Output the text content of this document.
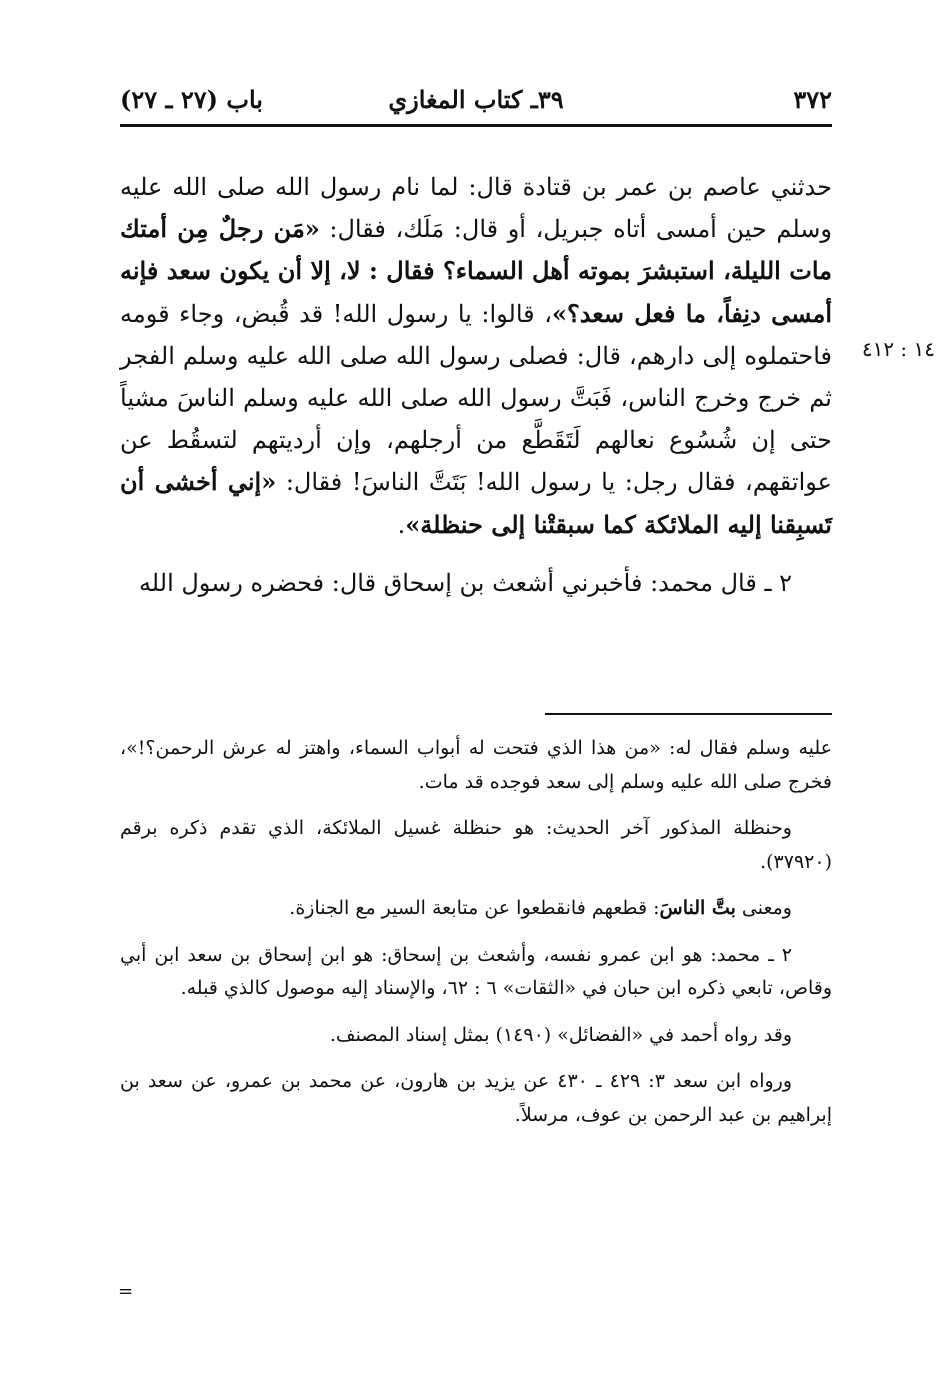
٣٧٢
٣٩ـ كتاب المغازي
باب (٢٧ ـ ٢٧)
١٤ : ٤١٢

حدثني عاصم بن عمر بن قتادة قال: لما نام رسول الله صلى الله عليه وسلم حين أمسى أتاه جبريل، أو قال: مَلَك، فقال: «مَن رجلٌ مِن أمتك مات الليلة، استبشرَ بموته أهل السماء؟ فقال : لا، إلا أن يكون سعد فإنه أمسى دنِفاً، ما فعل سعد؟»، قالوا: يا رسول الله! قد قُبض، وجاء قومه فاحتملوه إلى دارهم، قال: فصلى رسول الله صلى الله عليه وسلم الفجر ثم خرج وخرج الناس، فَبَتَّ رسول الله صلى الله عليه وسلم الناسَ مشياً حتى إن شُسُوع نعالهم لَتَقَطَّع من أرجلهم، وإن أرديتهم لتسقُط عن عواتقهم، فقال رجل: يا رسول الله! بَتَتَّ الناسَ! فقال: «إني أخشى أن تَسبِقنا إليه الملائكة كما سبقتْنا إلى حنظلة».

٢ ـ قال محمد: فأخبرني أشعث بن إسحاق قال: فحضره رسول الله

عليه وسلم فقال له: «من هذا الذي فتحت له أبواب السماء، واهتز له عرش الرحمن؟!»، فخرج صلى الله عليه وسلم إلى سعد فوجده قد مات.

وحنظلة المذكور آخر الحديث: هو حنظلة غسيل الملائكة، الذي تقدم ذكره برقم (٣٧٩٢٠).

ومعنى بتَّ الناسَ: قطعهم فانقطعوا عن متابعة السير مع الجنازة.

٢ ـ محمد: هو ابن عمرو نفسه، وأشعث بن إسحاق: هو ابن إسحاق بن سعد ابن أبي وقاص، تابعي ذكره ابن حبان في «الثقات» ٦ : ٦٢، والإسناد إليه موصول كالذي قبله.

وقد رواه أحمد في «الفضائل» (١٤٩٠) بمثل إسناد المصنف.

ورواه ابن سعد ٣: ٤٢٩ ـ ٤٣٠ عن يزيد بن هارون، عن محمد بن عمرو، عن سعد بن إبراهيم بن عبد الرحمن بن عوف، مرسلاً.

=
